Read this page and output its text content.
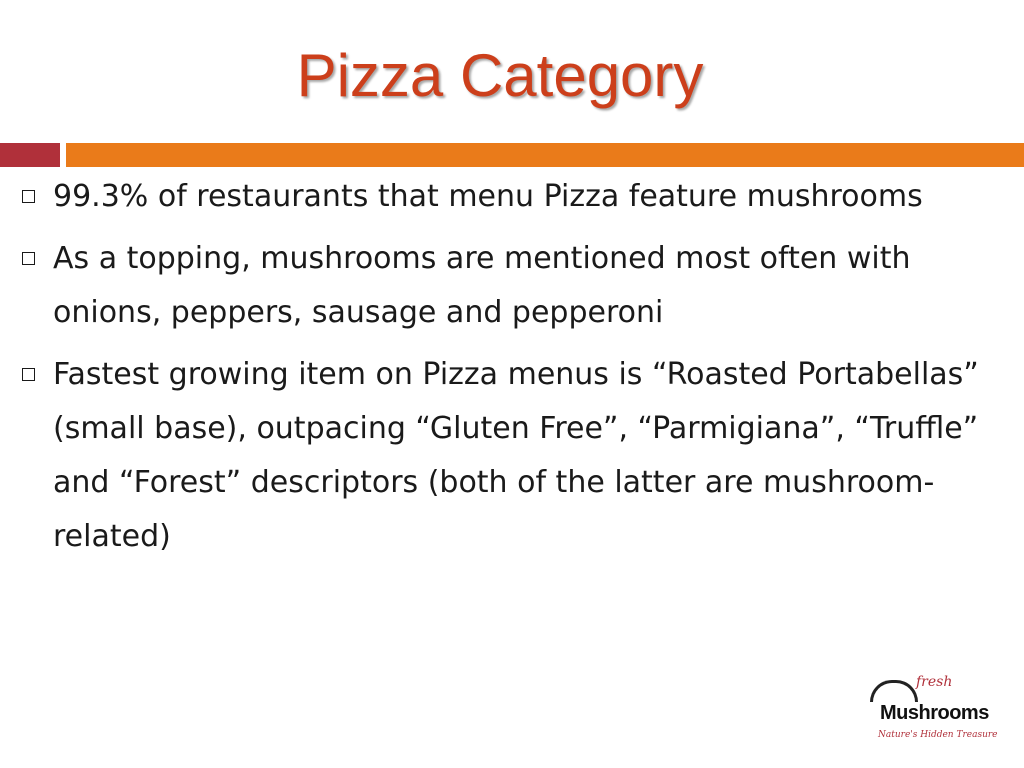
Pizza Category
99.3% of restaurants that menu Pizza feature mushrooms
As a topping, mushrooms are mentioned most often with onions, peppers, sausage and pepperoni
Fastest growing item on Pizza menus is “Roasted Portabellas” (small base), outpacing “Gluten Free”, “Parmigiana”, “Truffle” and “Forest” descriptors (both of the latter are mushroom-related)
fresh
Mushrooms
Nature's Hidden Treasure
